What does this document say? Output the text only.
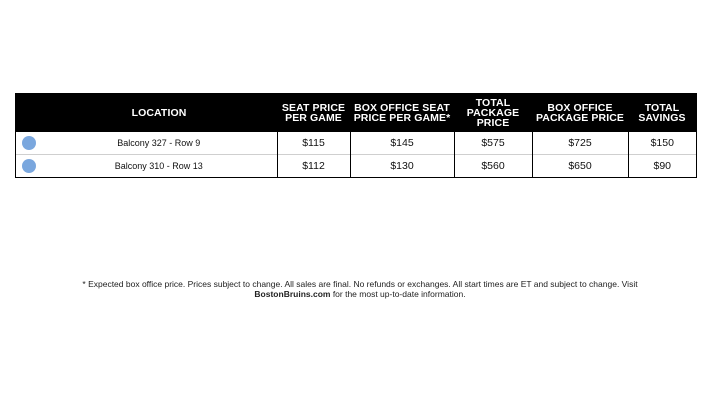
	LOCATION	SEAT PRICE PER GAME	BOX OFFICE SEAT PRICE PER GAME*	TOTAL PACKAGE PRICE	BOX OFFICE PACKAGE PRICE	TOTAL SAVINGS
	Balcony 327 - Row 9	$115	$145	$575	$725	$150
	Balcony 310 - Row 13	$112	$130	$560	$650	$90
* Expected box office price. Prices subject to change. All sales are final. No refunds or exchanges. All start times are ET and subject to change. Visit BostonBruins.com for the most up-to-date information.
